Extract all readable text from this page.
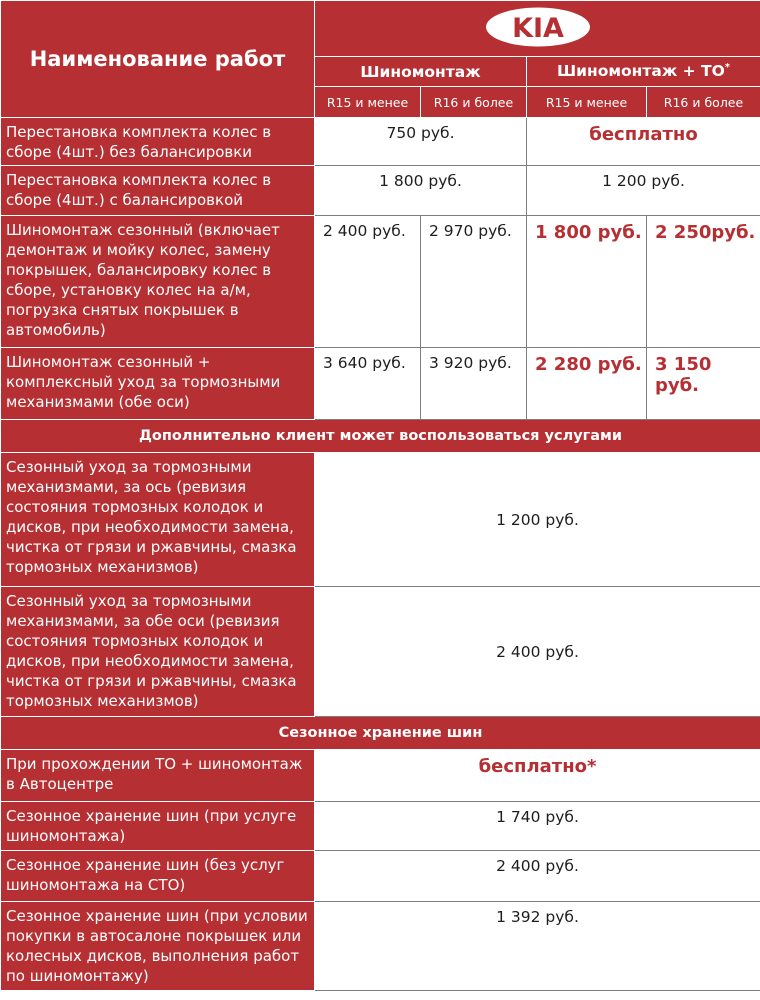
Наименование работ	KIA			

	Шиномонтаж		Шиномонтаж + ТО*
	R15 и менее	R16 и более	R15 и менее	R16 и более
Перестановка комплекта колес в сборе (4шт.) без балансировки	750 руб.		бесплатно	
Перестановка комплекта колес в сборе (4шт.) с балансировкой	1 800 руб.		1 200 руб.	
Шиномонтаж сезонный (включает демонтаж и мойку колес, замену покрышек, балансировку колес в сборе, установку колес на а/м, погрузка снятых покрышек в автомобиль)	2 400 руб.	2 970 руб.	1 800 руб.	2 250руб.
Шиномонтаж сезонный + комплексный уход за тормозными механизмами (обе оси)	3 640 руб.	3 920 руб.	2 280 руб.	3 150 руб.
Дополнительно клиент может воспользоваться услугами				
Сезонный уход за тормозными механизмами, за ось (ревизия состояния тормозных колодок и дисков, при необходимости замена, чистка от грязи и ржавчины, смазка тормозных механизмов)	1 200 руб.			
Сезонный уход за тормозными механизмами, за обе оси (ревизия состояния тормозных колодок и дисков, при необходимости замена, чистка от грязи и ржавчины, смазка тормозных механизмов)	2 400 руб.			
Сезонное хранение шин				
При прохождении ТО + шиномонтаж в Автоцентре	бесплатно*			
Сезонное хранение шин (при услуге шиномонтажа)	1 740 руб.			
Сезонное хранение шин (без услуг шиномонтажа на СТО)	2 400 руб.			
Сезонное хранение шин (при условии покупки в автосалоне покрышек или колесных дисков, выполнения работ по шиномонтажу)	1 392 руб.			
